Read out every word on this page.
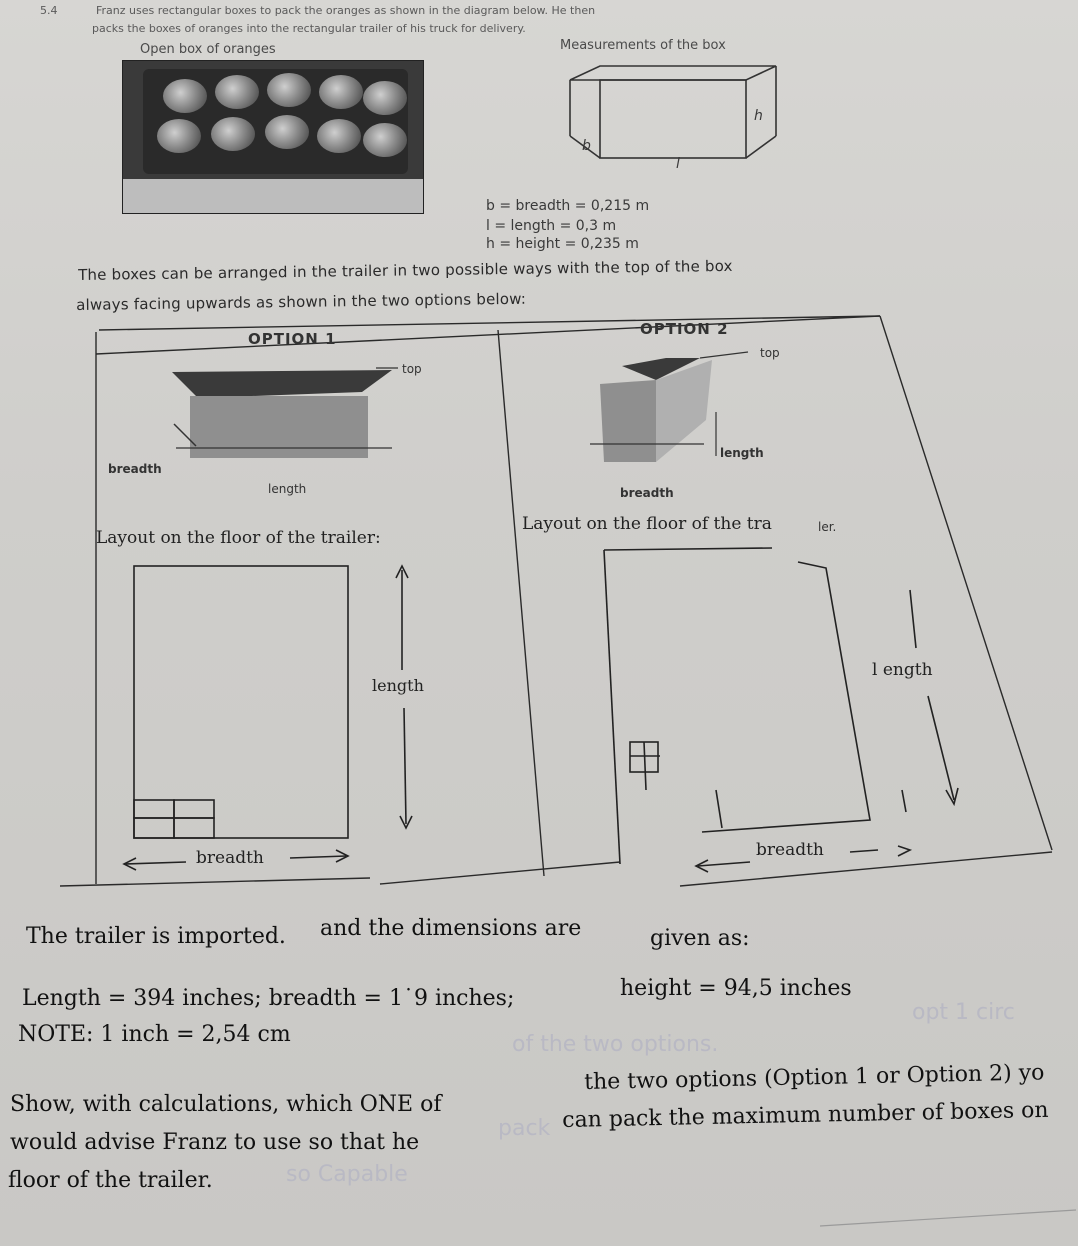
5.4	Franz uses rectangular boxes to pack the oranges as shown in the diagram below. He then
packs the boxes of oranges into the rectangular trailer of his truck for delivery.
Open box of oranges	Measurements of the box
h
b
l
b = breadth = 0,215 m
l = length = 0,3 m
h = height = 0,235 m
The boxes can be arranged in the trailer in two possible ways with the top of the box
always facing upwards as shown in the two options below:
OPTION 1
top
breadth
length
Layout on the floor of the trailer:
length
breadth
OPTION 2
top
length
breadth
Layout on the floor of the tra	ler.
l ength
breadth
The trailer is imported. and the dimensions are	given as:
Length = 394 inches; breadth = 1˙9 inches;	height = 94,5 inches
NOTE: 1 inch = 2,54 cm	of the two options.
opt 1 circ
Show, with calculations, which ONE of
the two options (Option 1 or Option 2) yo
would advise Franz to use so that he
pack can pack the maximum number of boxes on
floor of the trailer.	so Capable
